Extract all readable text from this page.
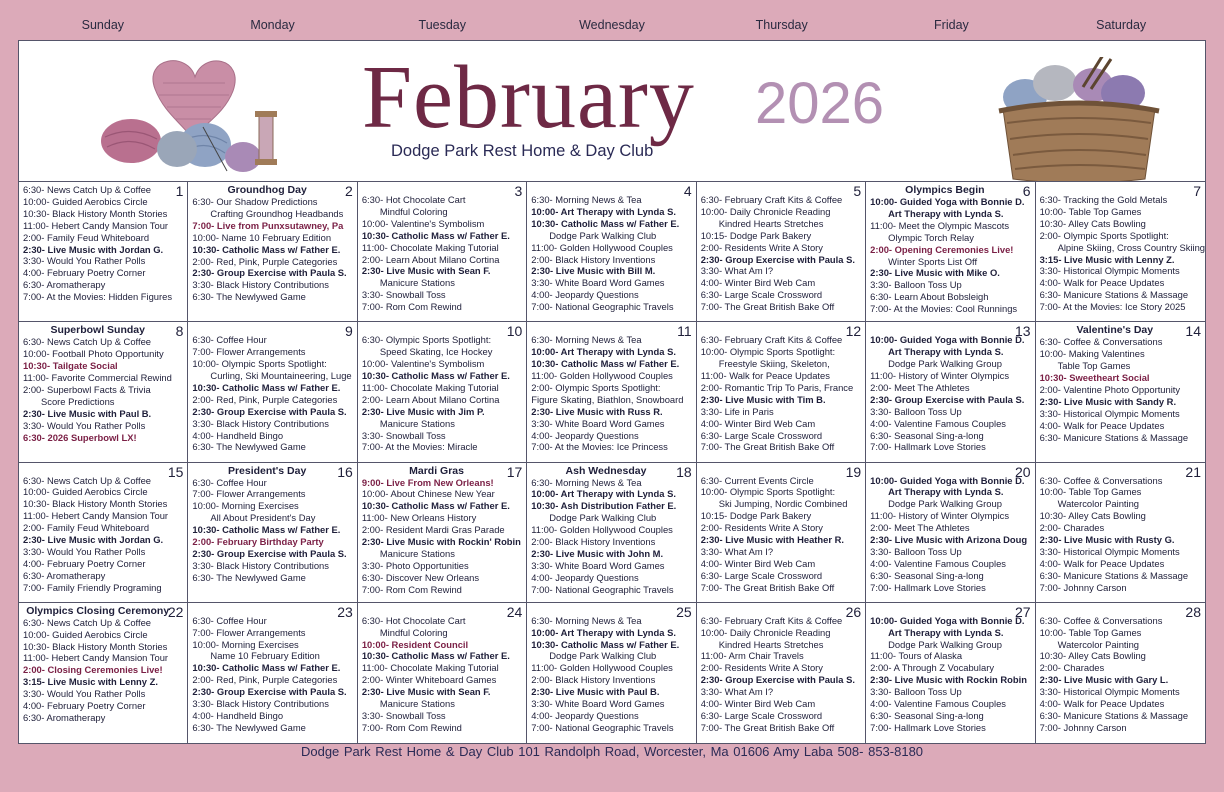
Sunday	Monday	Tuesday	Wednesday	Thursday	Friday	Saturday
February 2026
Dodge Park Rest Home & Day Club
1
6:30- News Catch Up & Coffee
10:00- Guided Aerobics Circle
10:30- Black History Month Stories
11:00- Hebert Candy Mansion Tour
2:00- Family Feud Whiteboard
2:30- Live Music with Jordan G.
3:30- Would You Rather Polls
4:00- February Poetry Corner
6:30- Aromatherapy
7:00- At the Movies: Hidden Figures
2
Groundhog Day
6:30- Our Shadow Predictions
Crafting Groundhog Headbands
7:00- Live from Punxsutawney, Pa
10:00- Name 10 February Edition
10:30- Catholic Mass w/ Father E.
2:00- Red, Pink, Purple Categories
2:30- Group Exercise with Paula S.
3:30- Black History Contributions
6:30- The Newlywed Game
3
6:30- Hot Chocolate Cart
Mindful Coloring
10:00- Valentine's Symbolism
10:30- Catholic Mass w/ Father E.
11:00- Chocolate Making Tutorial
2:00- Learn About Milano Cortina
2:30- Live Music with Sean F.
Manicure Stations
3:30- Snowball Toss
7:00- Rom Com Rewind
4
6:30- Morning News & Tea
10:00- Art Therapy with Lynda S.
10:30- Catholic Mass w/ Father E.
Dodge Park Walking Club
11:00- Golden Hollywood Couples
2:00- Black History Inventions
2:30- Live Music with Bill M.
3:30- White Board Word Games
4:00- Jeopardy Questions
7:00- National Geographic Travels
5
6:30- February Craft Kits & Coffee
10:00- Daily Chronicle Reading
Kindred Hearts Stretches
10:15- Dodge Park Bakery
2:00- Residents Write A Story
2:30- Group Exercise with Paula S.
3:30- What Am I?
4:00- Winter Bird Web Cam
6:30- Large Scale Crossword
7:00- The Great British Bake Off
6
Olympics Begin
10:00- Guided Yoga with Bonnie D.
Art Therapy with Lynda S.
11:00- Meet the Olympic Mascots
Olympic Torch Relay
2:00- Opening Ceremonies Live!
Winter Sports List Off
2:30- Live Music with Mike O.
3:30- Balloon Toss Up
6:30- Learn About Bobsleigh
7:00- At the Movies: Cool Runnings
7
6:30- Tracking the Gold Metals
10:00- Table Top Games
10:30- Alley Cats Bowling
2:00- Olympic Sports Spotlight:
Alpine Skiing, Cross Country Skiing
3:15- Live Music with Lenny Z.
3:30- Historical Olympic Moments
4:00- Walk for Peace Updates
6:30- Manicure Stations & Massage
7:00- At the Movies: Ice Story 2025
8
Superbowl Sunday
6:30- News Catch Up & Coffee
10:00- Football Photo Opportunity
10:30- Tailgate Social
11:00- Favorite Commercial Rewind
2:00- Superbowl Facts & Trivia
Score Predictions
2:30- Live Music with Paul B.
3:30- Would You Rather Polls
6:30- 2026 Superbowl LX!
9
6:30- Coffee Hour
7:00- Flower Arrangements
10:00- Olympic Sports Spotlight:
Curling, Ski Mountaineering, Luge
10:30- Catholic Mass w/ Father E.
2:00- Red, Pink, Purple Categories
2:30- Group Exercise with Paula S.
3:30- Black History Contributions
4:00- Handheld Bingo
6:30- The Newlywed Game
10
6:30- Olympic Sports Spotlight:
Speed Skating, Ice Hockey
10:00- Valentine's Symbolism
10:30- Catholic Mass w/ Father E.
11:00- Chocolate Making Tutorial
2:00- Learn About Milano Cortina
2:30- Live Music with Jim P.
Manicure Stations
3:30- Snowball Toss
7:00- At the Movies: Miracle
11
6:30- Morning News & Tea
10:00- Art Therapy with Lynda S.
10:30- Catholic Mass w/ Father E.
11:00- Golden Hollywood Couples
2:00- Olympic Sports Spotlight:
Figure Skating, Biathlon, Snowboard
2:30- Live Music with Russ R.
3:30- White Board Word Games
4:00- Jeopardy Questions
7:00- At the Movies: Ice Princess
12
6:30- February Craft Kits & Coffee
10:00- Olympic Sports Spotlight:
Freestyle Skiing, Skeleton,
11:00- Walk for Peace Updates
2:00- Romantic Trip To Paris, France
2:30- Live Music with Tim B.
3:30- Life in Paris
4:00- Winter Bird Web Cam
6:30- Large Scale Crossword
7:00- The Great British Bake Off
13
10:00- Guided Yoga with Bonnie D.
Art Therapy with Lynda S.
Dodge Park Walking Group
11:00- History of Winter Olympics
2:00- Meet The Athletes
2:30- Group Exercise with Paula S.
3:30- Balloon Toss Up
4:00- Valentine Famous Couples
6:30- Seasonal Sing-a-long
7:00- Hallmark Love Stories
14
Valentine's Day
6:30- Coffee & Conversations
10:00- Making Valentines
Table Top Games
10:30- Sweetheart Social
2:00- Valentine Photo Opportunity
2:30- Live Music with Sandy R.
3:30- Historical Olympic Moments
4:00- Walk for Peace Updates
6:30- Manicure Stations & Massage
15
6:30- News Catch Up & Coffee
10:00- Guided Aerobics Circle
10:30- Black History Month Stories
11:00- Hebert Candy Mansion Tour
2:00- Family Feud Whiteboard
2:30- Live Music with Jordan G.
3:30- Would You Rather Polls
4:00- February Poetry Corner
6:30- Aromatherapy
7:00- Family Friendly Programing
16
President's Day
6:30- Coffee Hour
7:00- Flower Arrangements
10:00- Morning Exercises
All About President's Day
10:30- Catholic Mass w/ Father E.
2:00- February Birthday Party
2:30- Group Exercise with Paula S.
3:30- Black History Contributions
6:30- The Newlywed Game
17
Mardi Gras
9:00- Live From New Orleans!
10:00- About Chinese New Year
10:30- Catholic Mass w/ Father E.
11:00- New Orleans History
2:00- Resident Mardi Gras Parade
2:30- Live Music with Rockin' Robin
Manicure Stations
3:30- Photo Opportunities
6:30- Discover New Orleans
7:00- Rom Com Rewind
18
Ash Wednesday
6:30- Morning News & Tea
10:00- Art Therapy with Lynda S.
10:30- Ash Distribution Father E.
Dodge Park Walking Club
11:00- Golden Hollywood Couples
2:00- Black History Inventions
2:30- Live Music with John M.
3:30- White Board Word Games
4:00- Jeopardy Questions
7:00- National Geographic Travels
19
6:30- Current Events Circle
10:00- Olympic Sports Spotlight:
Ski Jumping, Nordic Combined
10:15- Dodge Park Bakery
2:00- Residents Write A Story
2:30- Live Music with Heather R.
3:30- What Am I?
4:00- Winter Bird Web Cam
6:30- Large Scale Crossword
7:00- The Great British Bake Off
20
10:00- Guided Yoga with Bonnie D.
Art Therapy with Lynda S.
Dodge Park Walking Group
11:00- History of Winter Olympics
2:00- Meet The Athletes
2:30- Live Music with Arizona Doug
3:30- Balloon Toss Up
4:00- Valentine Famous Couples
6:30- Seasonal Sing-a-long
7:00- Hallmark Love Stories
21
6:30- Coffee & Conversations
10:00- Table Top Games
Watercolor Painting
10:30- Alley Cats Bowling
2:00- Charades
2:30- Live Music with Rusty G.
3:30- Historical Olympic Moments
4:00- Walk for Peace Updates
6:30- Manicure Stations & Massage
7:00- Johnny Carson
22
Olympics Closing Ceremony
6:30- News Catch Up & Coffee
10:00- Guided Aerobics Circle
10:30- Black History Month Stories
11:00- Hebert Candy Mansion Tour
2:00- Closing Ceremonies Live!
3:15- Live Music with Lenny Z.
3:30- Would You Rather Polls
4:00- February Poetry Corner
6:30- Aromatherapy
23
6:30- Coffee Hour
7:00- Flower Arrangements
10:00- Morning Exercises
Name 10 February Edition
10:30- Catholic Mass w/ Father E.
2:00- Red, Pink, Purple Categories
2:30- Group Exercise with Paula S.
3:30- Black History Contributions
4:00- Handheld Bingo
6:30- The Newlywed Game
24
6:30- Hot Chocolate Cart
Mindful Coloring
10:00- Resident Council
10:30- Catholic Mass w/ Father E.
11:00- Chocolate Making Tutorial
2:00- Winter Whiteboard Games
2:30- Live Music with Sean F.
Manicure Stations
3:30- Snowball Toss
7:00- Rom Com Rewind
25
6:30- Morning News & Tea
10:00- Art Therapy with Lynda S.
10:30- Catholic Mass w/ Father E.
Dodge Park Walking Club
11:00- Golden Hollywood Couples
2:00- Black History Inventions
2:30- Live Music with Paul B.
3:30- White Board Word Games
4:00- Jeopardy Questions
7:00- National Geographic Travels
26
6:30- February Craft Kits & Coffee
10:00- Daily Chronicle Reading
Kindred Hearts Stretches
11:00- Arm Chair Travels
2:00- Residents Write A Story
2:30- Group Exercise with Paula S.
3:30- What Am I?
4:00- Winter Bird Web Cam
6:30- Large Scale Crossword
7:00- The Great British Bake Off
27
10:00- Guided Yoga with Bonnie D.
Art Therapy with Lynda S.
Dodge Park Walking Group
11:00- Tours of Alaska
2:00- A Through Z Vocabulary
2:30- Live Music with Rockin Robin
3:30- Balloon Toss Up
4:00- Valentine Famous Couples
6:30- Seasonal Sing-a-long
7:00- Hallmark Love Stories
28
6:30- Coffee & Conversations
10:00- Table Top Games
Watercolor Painting
10:30- Alley Cats Bowling
2:00- Charades
2:30- Live Music with Gary L.
3:30- Historical Olympic Moments
4:00- Walk for Peace Updates
6:30- Manicure Stations & Massage
7:00- Johnny Carson
Dodge Park Rest Home & Day Club 101 Randolph Road, Worcester, Ma 01606 Amy Laba 508- 853-8180
